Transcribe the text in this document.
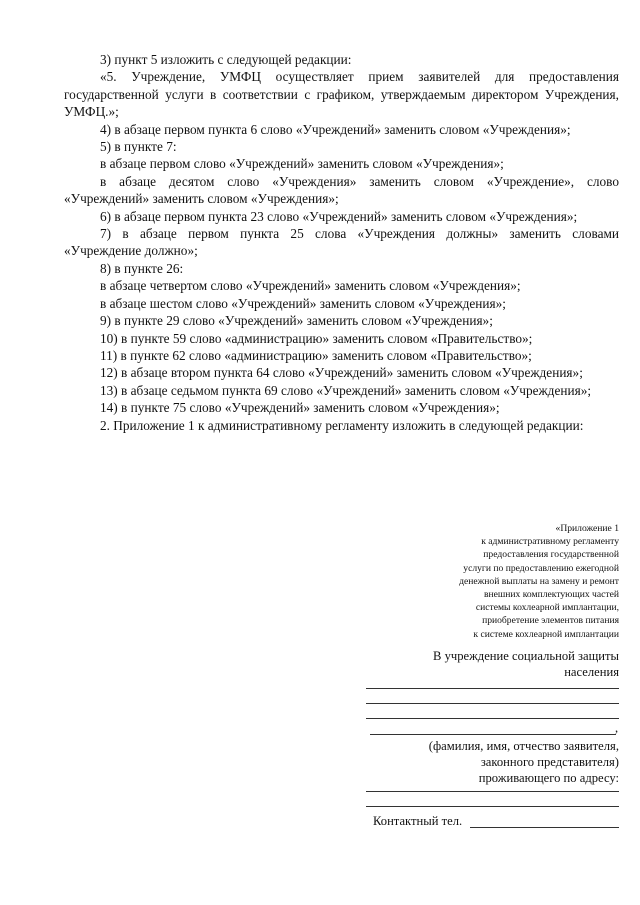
3) пункт 5 изложить с следующей редакции:

«5. Учреждение, УМФЦ осуществляет прием заявителей для предоставления государственной услуги в соответствии с графиком, утверждаемым директором Учреждения, УМФЦ.»;

4) в абзаце первом пункта 6 слово «Учреждений» заменить словом «Учреждения»;

5) в пункте 7:

в абзаце первом слово «Учреждений» заменить словом «Учреждения»;

в абзаце десятом слово «Учреждения» заменить словом «Учреждение», слово «Учреждений» заменить словом «Учреждения»;

6) в абзаце первом пункта 23 слово «Учреждений» заменить словом «Учреждения»;

7) в абзаце первом пункта 25 слова «Учреждения должны» заменить словами «Учреждение должно»;

8) в пункте 26:

в абзаце четвертом слово «Учреждений» заменить словом «Учреждения»;

в абзаце шестом слово «Учреждений» заменить словом «Учреждения»;

9) в пункте 29 слово «Учреждений» заменить словом «Учреждения»;

10) в пункте 59 слово «администрацию» заменить словом «Правительство»;

11) в пункте 62 слово «администрацию» заменить словом «Правительство»;

12) в абзаце втором пункта 64 слово «Учреждений» заменить словом «Учреждения»;

13) в абзаце седьмом пункта 69 слово «Учреждений» заменить словом «Учреждения»;

14) в пункте 75 слово «Учреждений» заменить словом «Учреждения»;

2. Приложение 1 к административному регламенту изложить в следующей редакции:

«Приложение 1
к административному регламенту
предоставления государственной
услуги по предоставлению ежегодной
денежной выплаты на замену и ремонт
внешних комплектующих частей
системы кохлеарной имплантации,
приобретение элементов питания
к системе кохлеарной имплантации
В учреждение социальной защиты
населения
,
(фамилия, имя, отчество заявителя,
законного представителя)
проживающего по адресу:
Контактный тел.
